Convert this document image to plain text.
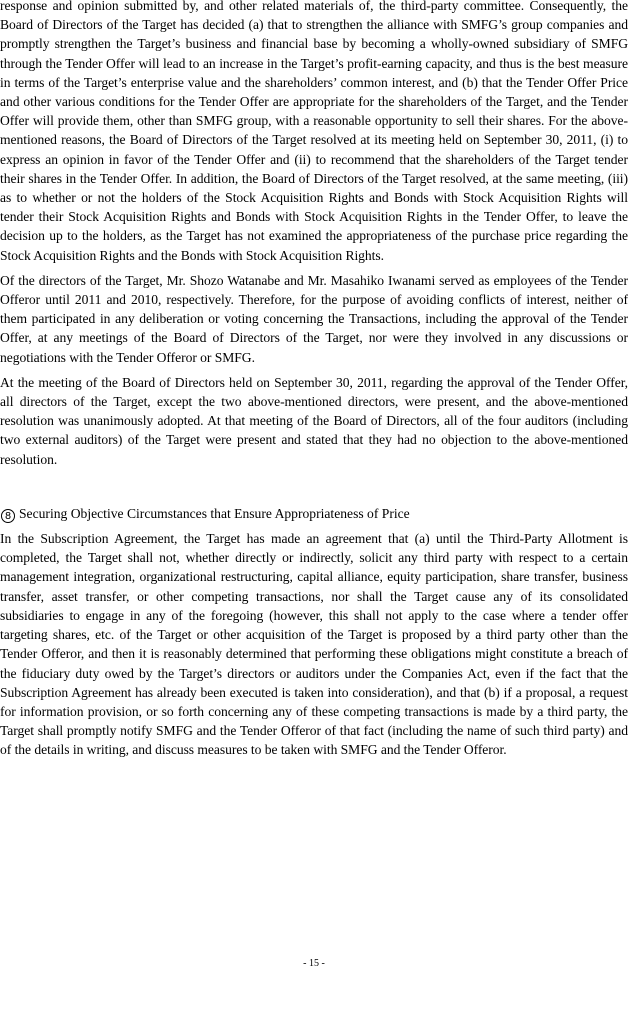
response and opinion submitted by, and other related materials of, the third-party committee. Consequently, the Board of Directors of the Target has decided (a) that to strengthen the alliance with SMFG’s group companies and promptly strengthen the Target’s business and financial base by becoming a wholly-owned subsidiary of SMFG through the Tender Offer will lead to an increase in the Target’s profit-earning capacity, and thus is the best measure in terms of the Target’s enterprise value and the shareholders’ common interest, and (b) that the Tender Offer Price and other various conditions for the Tender Offer are appropriate for the shareholders of the Target, and the Tender Offer will provide them, other than SMFG group, with a reasonable opportunity to sell their shares. For the above-mentioned reasons, the Board of Directors of the Target resolved at its meeting held on September 30, 2011, (i) to express an opinion in favor of the Tender Offer and (ii) to recommend that the shareholders of the Target tender their shares in the Tender Offer. In addition, the Board of Directors of the Target resolved, at the same meeting, (iii) as to whether or not the holders of the Stock Acquisition Rights and Bonds with Stock Acquisition Rights will tender their Stock Acquisition Rights and Bonds with Stock Acquisition Rights in the Tender Offer, to leave the decision up to the holders, as the Target has not examined the appropriateness of the purchase price regarding the Stock Acquisition Rights and the Bonds with Stock Acquisition Rights.

Of the directors of the Target, Mr. Shozo Watanabe and Mr. Masahiko Iwanami served as employees of the Tender Offeror until 2011 and 2010, respectively. Therefore, for the purpose of avoiding conflicts of interest, neither of them participated in any deliberation or voting concerning the Transactions, including the approval of the Tender Offer, at any meetings of the Board of Directors of the Target, nor were they involved in any discussions or negotiations with the Tender Offeror or SMFG.

At the meeting of the Board of Directors held on September 30, 2011, regarding the approval of the Tender Offer, all directors of the Target, except the two above-mentioned directors, were present, and the above-mentioned resolution was unanimously adopted. At that meeting of the Board of Directors, all of the four auditors (including two external auditors) of the Target were present and stated that they had no objection to the above-mentioned resolution.

8 Securing Objective Circumstances that Ensure Appropriateness of Price

In the Subscription Agreement, the Target has made an agreement that (a) until the Third-Party Allotment is completed, the Target shall not, whether directly or indirectly, solicit any third party with respect to a certain management integration, organizational restructuring, capital alliance, equity participation, share transfer, business transfer, asset transfer, or other competing transactions, nor shall the Target cause any of its consolidated subsidiaries to engage in any of the foregoing (however, this shall not apply to the case where a tender offer targeting shares, etc. of the Target or other acquisition of the Target is proposed by a third party other than the Tender Offeror, and then it is reasonably determined that performing these obligations might constitute a breach of the fiduciary duty owed by the Target’s directors or auditors under the Companies Act, even if the fact that the Subscription Agreement has already been executed is taken into consideration), and that (b) if a proposal, a request for information provision, or so forth concerning any of these competing transactions is made by a third party, the Target shall promptly notify SMFG and the Tender Offeror of that fact (including the name of such third party) and of the details in writing, and discuss measures to be taken with SMFG and the Tender Offeror.

- 15 -
